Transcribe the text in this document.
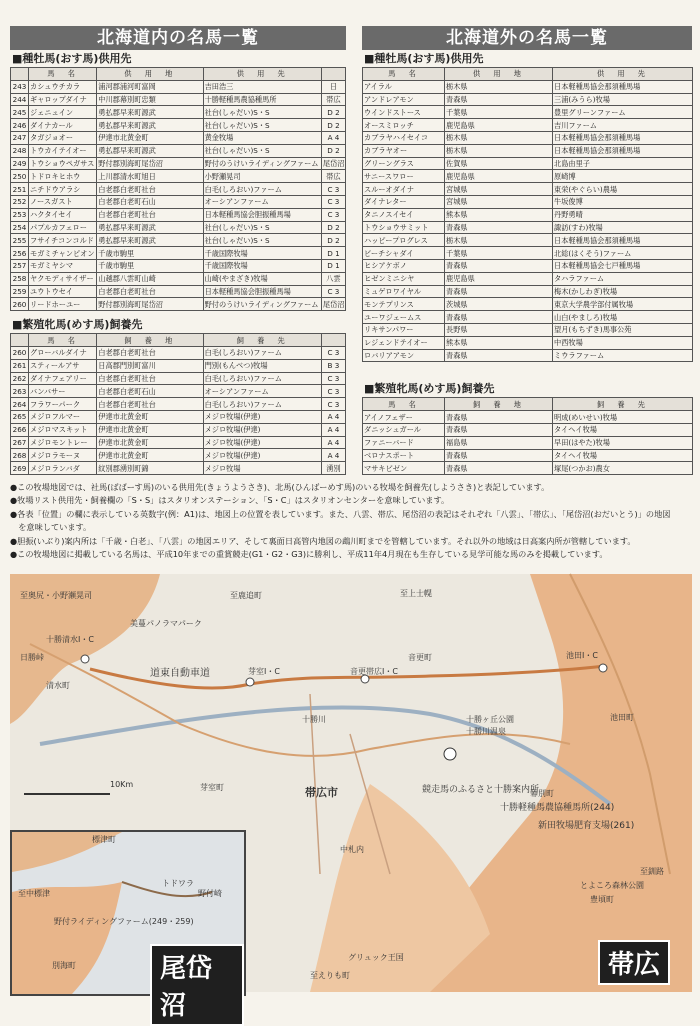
北海道内の名馬一覧
■種牡馬(おす馬)供用先
	馬　名	供　用　地	供　用　先	
243	カシュウチカラ	浦河郡浦河町富岡	吉田浩三	日
244	ギャロップダイナ	中川郡幕別町忠類	十勝軽種馬農協種馬所	帯広
245	ジェニュイン	勇払郡早来町源武	社台(しゃだい)S・S	D 2
246	ダイナカール	勇払郡早来町源武	社台(しゃだい)S・S	D 2
247	タガジョオー	伊達市北黄金町	黄金牧場	A 4
248	トウカイテイオー	勇払郡早来町源武	社台(しゃだい)S・S	D 2
249	トウショウペガサス	野付郡別海町尾岱沼	野付のうけいライディングファーム	尾岱沼
250	トドロキヒホウ	上川郡清水町旭日	小野瀬晃司	帯広
251	ニチドウアラシ	白老郡白老町社台	白毛(しろおい)ファーム	C 3
252	ノースガスト	白老郡白老町石山	オーシアンファーム	C 3
253	ハクタイセイ	白老郡白老町社台	日本軽種馬協会胆振種馬場	C 3
254	パプルカフェロー	勇払郡早来町源武	社台(しゃだい)S・S	D 2
255	フサイチコンコルド	勇払郡早来町源武	社台(しゃだい)S・S	D 2
256	モガミチャンピオン	千歳市駒里	千歳国際牧場	D 1
257	モガミヤシマ	千歳市駒里	千歳国際牧場	D 1
258	ヤクモディサイザー	山越郡八雲町山崎	山崎(やまざき)牧場	八雲
259	ユウトウセイ	白老郡白老町社台	日本軽種馬協会胆振種馬場	C 3
260	リードホーユー	野付郡別海町尾岱沼	野付のうけいライディングファーム	尾岱沼
■繁殖牝馬(めす馬)飼養先
	馬　名	飼　養　地	飼　養　先	
260	グローバルダイナ	白老郡白老町社台	白毛(しろおい)ファーム	C 3
261	スティールアサ	日高郡門別町富川	門別(もんべつ)牧場	B 3
262	ダイナフェアリー	白老郡白老町社台	白毛(しろおい)ファーム	C 3
263	バンバサー	白老郡白老町石山	オーシアンファーム	C 3
264	フラワーパーク	白老郡白老町社台	白毛(しろおい)ファーム	C 3
265	メジロフルマー	伊達市北黄金町	メジロ牧場(伊達)	A 4
266	メジロマスキット	伊達市北黄金町	メジロ牧場(伊達)	A 4
267	メジロモントレー	伊達市北黄金町	メジロ牧場(伊達)	A 4
268	メジロラモーヌ	伊達市北黄金町	メジロ牧場(伊達)	A 4
269	メジロランバダ	紋別郡湧別町錦	メジロ牧場	湧別
北海道外の名馬一覧
■種牡馬(おす馬)供用先
馬　名	供　用　地	供　用　先
アイラル	栃木県	日本軽種馬協会那須種馬場
アンドレアモン	青森県	三浦(みうら)牧場
ウインドストース	千葉県	豊里グリーンファーム
オースミロッチ	鹿児島県	吉川ファーム
カブラヤハイセイコ	栃木県	日本軽種馬協会那須種馬場
カブラヤオー	栃木県	日本軽種馬協会那須種馬場
グリーングラス	佐賀県	北島由里子
サニースワロー	鹿児島県	原崎博
スルーオダイナ	宮城県	東栄(やぐらい)農場
ダイナレター	宮城県	牛坂俊博
タニノスイセイ	熊本県	丹野勇晴
トウショウサミット	青森県	諏訪(すわ)牧場
ハッピープログレス	栃木県	日本軽種馬協会那須種馬場
ビーチシャダイ	千葉県	北総(はくそう)ファーム
ヒシアケボノ	青森県	日本軽種馬協会七戸種馬場
ヒゼンミニシヤ	鹿児島県	タハラファーム
ミュゲロワイヤル	青森県	梅木(かしわぎ)牧場
モンテプリンス	茨城県	東京大学農学部付属牧場
ユーワジェームス	青森県	山白(やましろ)牧場
リキサンパワー	長野県	望月(もちずき)馬事公苑
レジェンドテイオー	熊本県	中西牧場
ロバリアアモン	青森県	ミウラファーム
■繁殖牝馬(めす馬)飼養先
馬　名	飼　養　地	飼　養　先
アイノフェザー	青森県	明成(めいせい)牧場
ダニッシュガール	青森県	タイヘイ牧場
ファニーバード	福島県	早田(はやた)牧場
ベロナスポート	青森県	タイヘイ牧場
マサキビゼン	青森県	塚尾(つかお)農女
●この牧場地図では、社馬(ばばーす馬)のいる供用先(きょうようさき)、北馬(ひんばーめす馬)のいる牧場を飼養先(しようさき)と表記しています。
●牧場リスト供用先・飼養欄の「S・S」はスタリオンステーション、「S・C」はスタリオンセンターを意味しています。
●各表「位置」の欄に表示している英数字(例：A1)は、地図上の位置を表しています。また、八雲、帯広、尾岱沼の表記はそれぞれ「八雲」、「帯広」、「尾岱沼(おだいとう)」の地図
　を意味しています。
●胆振(いぶり)案内所は「千歳・白老」、「八雲」の地図エリア、そして裏面日高管内地図の鵡川町までを管轄しています。それ以外の地域は日高案内所が管轄しています。
●この牧場地図に掲載している名馬は、平成10年までの重賞競走(G1・G2・G3)に勝利し、平成11年4月現在も生存している見学可能な馬のみを掲載しています。
至奥尻・小野瀬晃司	至鹿追町	至上士幌
美蔓パノラマパーク
十勝清水I・C
日勝峠
清水町
道東自動車道	芽室I・C	音更帯広I・C
池田I・C
音更町
十勝川
芽室町	帯広市
池田町
幕別町
十勝ヶ丘公園
十勝川温泉
競走馬のふるさと十勝案内所
十勝軽種馬農協種馬所(244)
新田牧場肥育支場(261)
とよころ森林公園
豊頃町
中札内
グリュック王国
至えりも町
至釧路
10Km
帯広
標津町
至中標津
トドワラ
野付崎
野付ライディングファーム(249・259)
別海町	尾岱沼
